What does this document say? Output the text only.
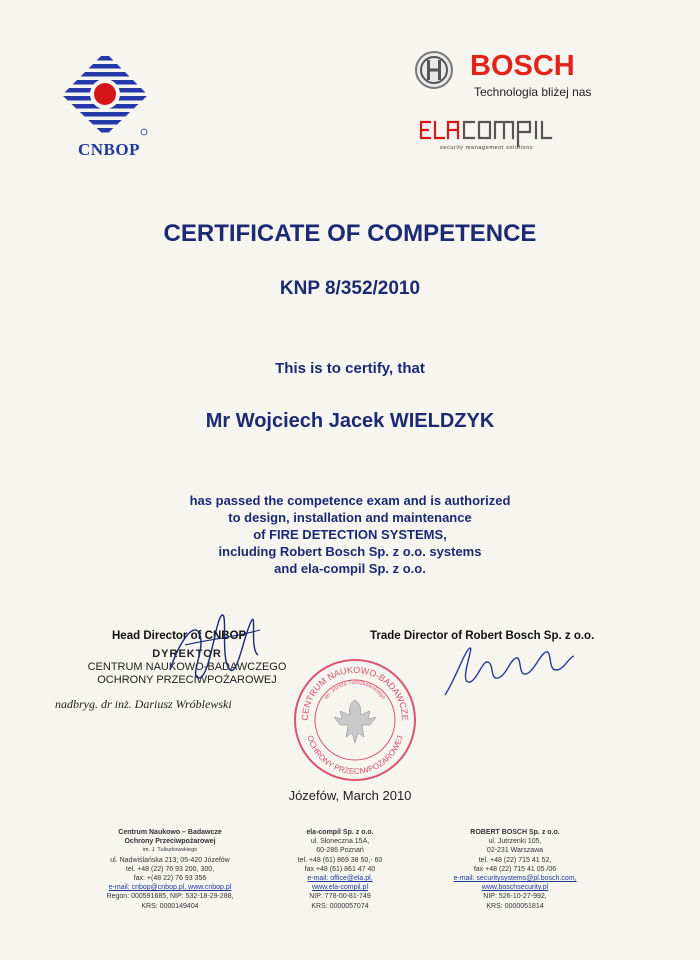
CNBOP
BOSCH
Technologia bliżej nas
security management solutions
CERTIFICATE OF COMPETENCE
KNP 8/352/2010
This is to certify, that
Mr Wojciech Jacek WIELDZYK
has passed the competence exam and is authorized
to design, installation and maintenance
of FIRE DETECTION SYSTEMS,
including Robert Bosch Sp. z o.o. systems
and ela-compil Sp. z o.o.
Head Director of CNBOP
DYREKTOR
CENTRUM NAUKOWO-BADAWCZEGO
OCHRONY PRZECIWPOŻAROWEJ
nadbryg. dr inż. Dariusz Wróblewski
Trade Director of Robert Bosch Sp. z o.o.
CENTRUM NAUKOWO-BADAWCZE
im. Józefa Tuliszkowskiego
OCHRONY PRZECIWPOŻAROWEJ
Józefów, March 2010
Centrum Naukowo – Badawcze
Ochrony Przeciwpożarowej
im. J. Tuliszkowskiego
ul. Nadwiślańska 213; 05-420 Józefów
tel. +48 (22) 76 93 200, 300,
fax: +(48 22) 76 93 356
e-mail: cnbop@cnbop.pl, www.cnbop.pl
Regon: 000591685, NIP: 532-18-29-288,
KRS: 0000149404
ela-compil Sp. z o.o.
ul. Słoneczna 15A,
60-286 Poznań
tel. +48 (61) 869 38 50,- 60
fax +48 (61) 861 47 40
e-mail: office@ela.pl,
www.ela-compil.pl
NIP: 778-00-81-749
KRS: 0000057074
ROBERT BOSCH Sp. z o.o.
ul. Jutrzenki 105,
02-231 Warszawa
tel. +48 (22) 715 41 52,
fax +48 (22) 715 41 05 /06
e-mail: securitysystems@pl.bosch.com,
www.boschsecurity.pl
NIP: 526-10-27-992,
KRS: 0000051814
